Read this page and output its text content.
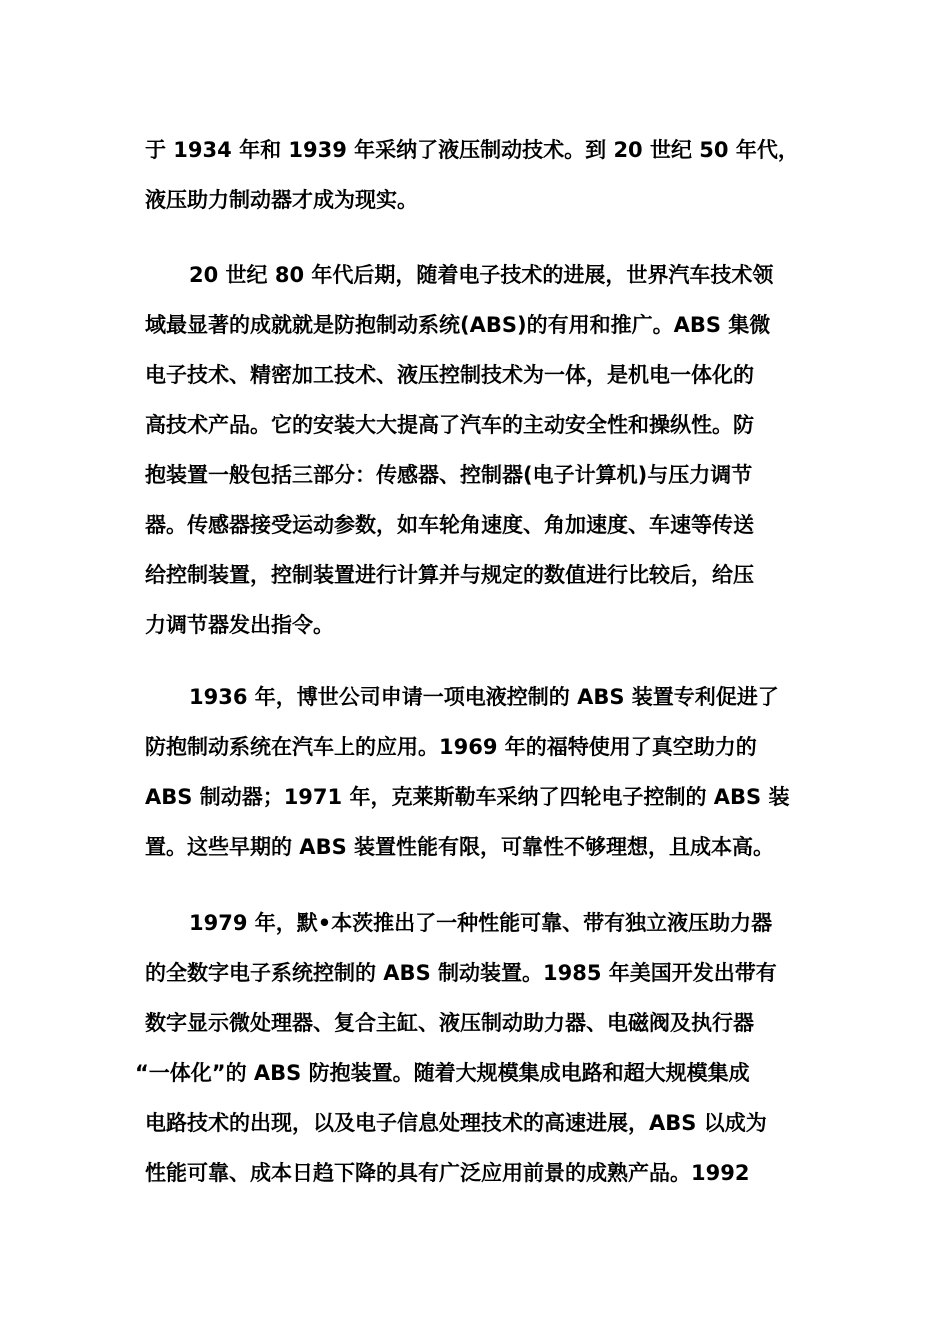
于 1934 年和 1939 年采纳了液压制动技术。到 20 世纪 50 年代，
液压助力制动器才成为现实。
20 世纪 80 年代后期，随着电子技术的进展，世界汽车技术领
域最显著的成就就是防抱制动系统(ABS)的有用和推广。ABS 集微
电子技术、精密加工技术、液压控制技术为一体，是机电一体化的
高技术产品。它的安装大大提高了汽车的主动安全性和操纵性。防
抱装置一般包括三部分：传感器、控制器(电子计算机)与压力调节
器。传感器接受运动参数，如车轮角速度、角加速度、车速等传送
给控制装置，控制装置进行计算并与规定的数值进行比较后，给压
力调节器发出指令。
1936 年，博世公司申请一项电液控制的 ABS 装置专利促进了
防抱制动系统在汽车上的应用。1969 年的福特使用了真空助力的
ABS 制动器；1971 年，克莱斯勒车采纳了四轮电子控制的 ABS 装
置。这些早期的 ABS 装置性能有限，可靠性不够理想，且成本高。
1979 年，默•本茨推出了一种性能可靠、带有独立液压助力器
的全数字电子系统控制的 ABS 制动装置。1985 年美国开发出带有
数字显示微处理器、复合主缸、液压制动助力器、电磁阀及执行器
“一体化”的 ABS 防抱装置。随着大规模集成电路和超大规模集成
电路技术的出现，以及电子信息处理技术的高速进展，ABS 以成为
性能可靠、成本日趋下降的具有广泛应用前景的成熟产品。1992
